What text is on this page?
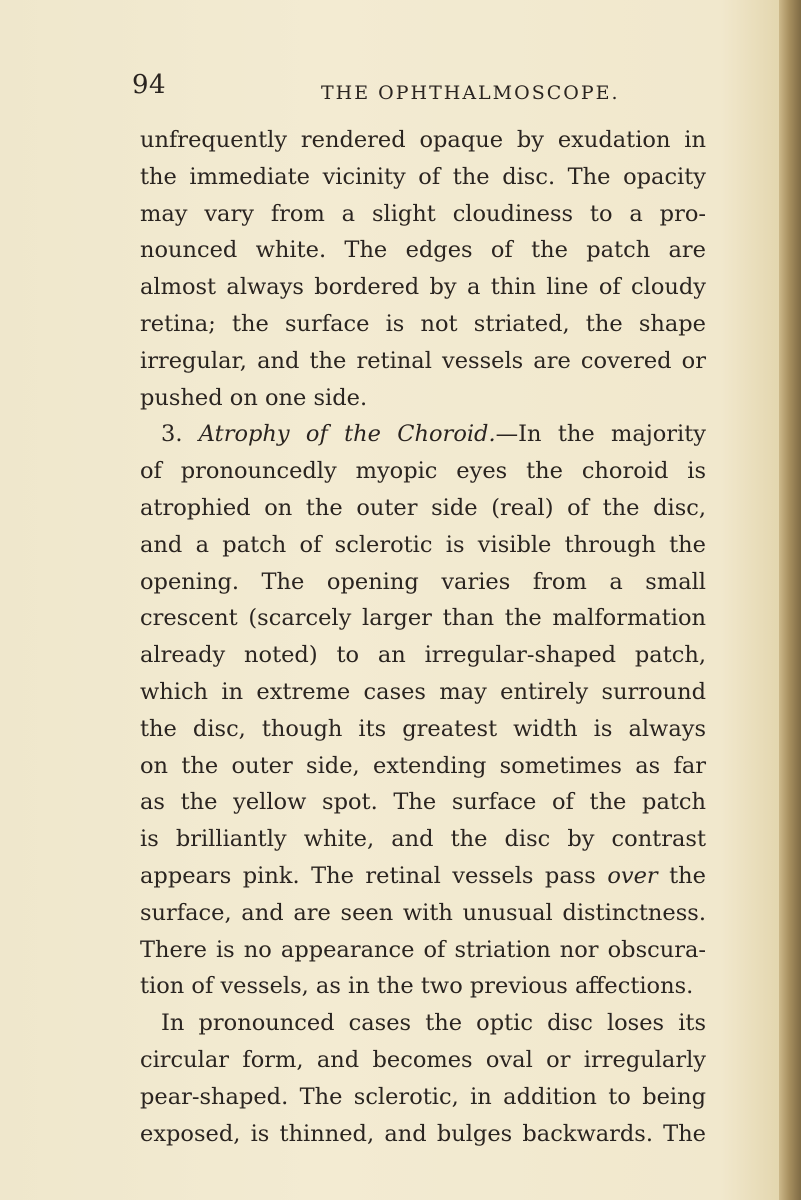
94	THE OPHTHALMOSCOPE.
unfrequently rendered opaque by exudation in
the immediate vicinity of the disc. The opacity
may vary from a slight cloudiness to a pro-
nounced white. The edges of the patch are
almost always bordered by a thin line of cloudy
retina; the surface is not striated, the shape
irregular, and the retinal vessels are covered or
pushed on one side.
3. Atrophy of the Choroid.—In the majority
of pronouncedly myopic eyes the choroid is
atrophied on the outer side (real) of the disc,
and a patch of sclerotic is visible through the
opening. The opening varies from a small
crescent (scarcely larger than the malformation
already noted) to an irregular-shaped patch,
which in extreme cases may entirely surround
the disc, though its greatest width is always
on the outer side, extending sometimes as far
as the yellow spot. The surface of the patch
is brilliantly white, and the disc by contrast
appears pink. The retinal vessels pass over the
surface, and are seen with unusual distinctness.
There is no appearance of striation nor obscura-
tion of vessels, as in the two previous affections.
In pronounced cases the optic disc loses its
circular form, and becomes oval or irregularly
pear-shaped. The sclerotic, in addition to being
exposed, is thinned, and bulges backwards. The
